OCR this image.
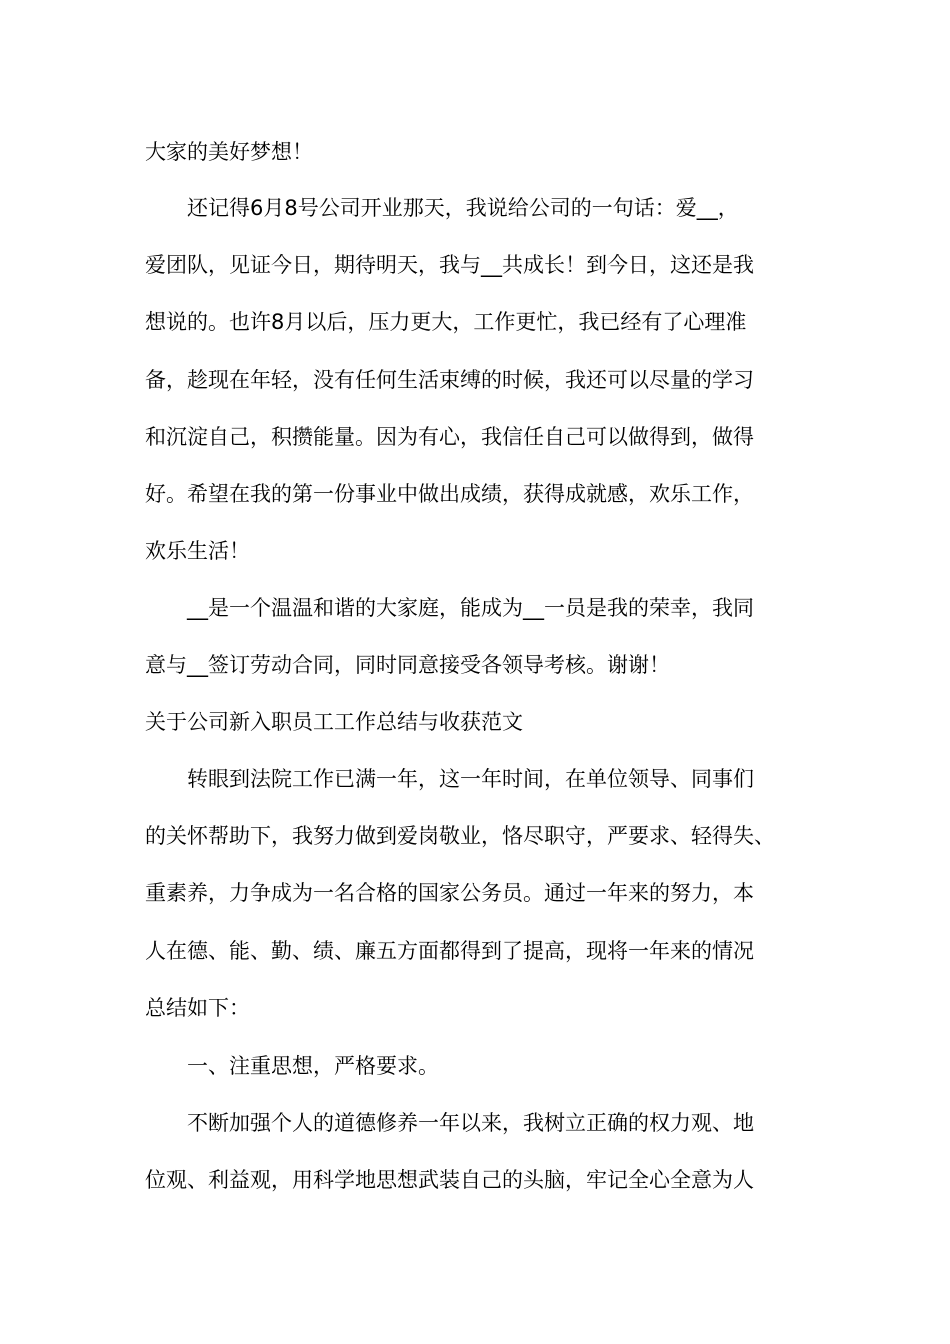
大家的美好梦想！
　　还记得6月8号公司开业那天，我说给公司的一句话：爱__，
爱团队，见证今日，期待明天，我与__共成长！到今日，这还是我
想说的。也许8月以后，压力更大，工作更忙，我已经有了心理准
备，趁现在年轻，没有任何生活束缚的时候，我还可以尽量的学习
和沉淀自己，积攒能量。因为有心，我信任自己可以做得到，做得
好。希望在我的第一份事业中做出成绩，获得成就感，欢乐工作，
欢乐生活！
　　__是一个温温和谐的大家庭，能成为__一员是我的荣幸，我同
意与__签订劳动合同，同时同意接受各领导考核。谢谢！
关于公司新入职员工工作总结与收获范文
　　转眼到法院工作已满一年，这一年时间，在单位领导、同事们
的关怀帮助下，我努力做到爱岗敬业，恪尽职守，严要求、轻得失、
重素养，力争成为一名合格的国家公务员。通过一年来的努力，本
人在德、能、勤、绩、廉五方面都得到了提高，现将一年来的情况
总结如下：
　　一、注重思想，严格要求。
　　不断加强个人的道德修养一年以来，我树立正确的权力观、地
位观、利益观，用科学地思想武装自己的头脑，牢记全心全意为人
